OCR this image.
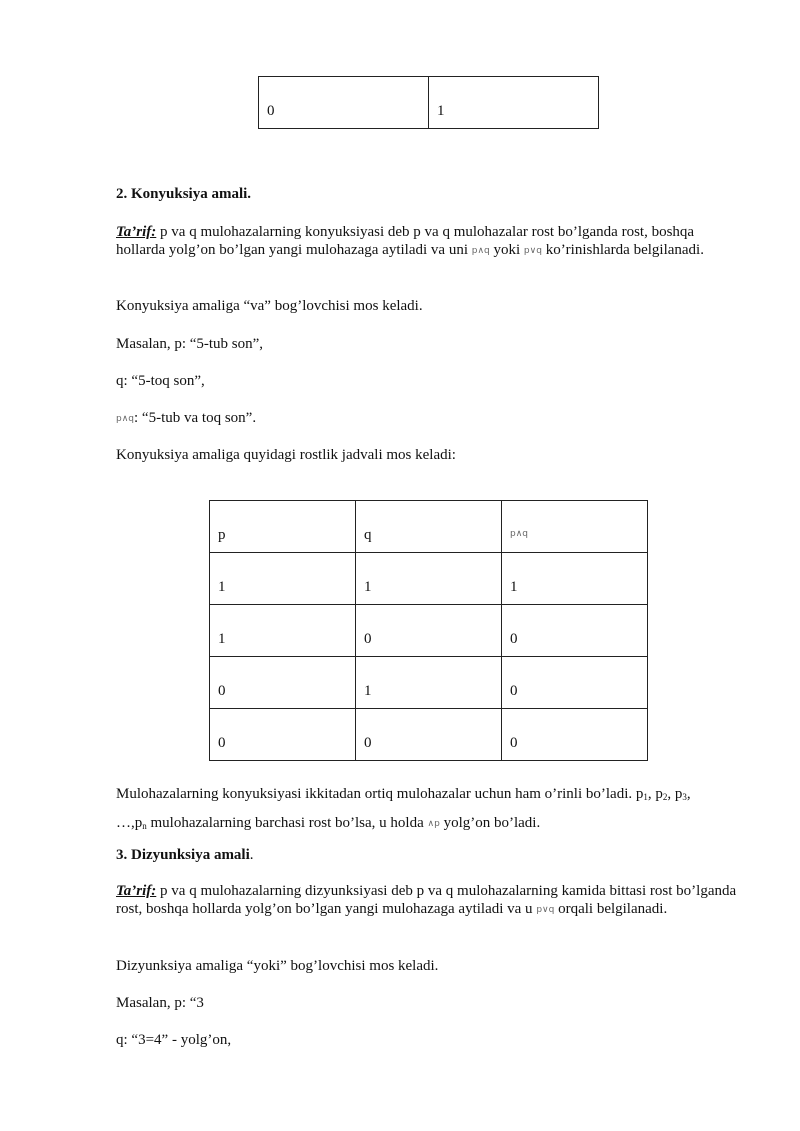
0	1
2. Konyuksiya amali.
Ta’rif: p va q mulohazalarning konyuksiyasi deb p va q mulohazalar rost bo’lganda rost, boshqa hollarda yolg’on bo’lgan yangi mulohazaga aytiladi va uni p∧q yoki p∨q ko’rinishlarda belgilanadi.
Konyuksiya amaliga “va” bog’lovchisi mos keladi.
Masalan, p: “5-tub son”,
q: “5-toq son”,
p∧q: “5-tub va toq son”.
Konyuksiya amaliga quyidagi rostlik jadvali mos keladi:
p	q	p∧q
1	1	1
1	0	0
0	1	0
0	0	0
Mulohazalarning konyuksiyasi ikkitadan ortiq mulohazalar uchun ham o’rinli bo’ladi. $p_1$, $p_2$, $p_3$,
$\dots,p_n$ mulohazalarning barchasi rost bo’lsa, u holda ∧p yolg’on bo’ladi.
3. Dizyunksiya amali.
Ta’rif: p va q mulohazalarning dizyunksiyasi deb p va q mulohazalarning kamida bittasi rost bo’lganda rost, boshqa hollarda yolg’on bo’lgan yangi mulohazaga aytiladi va u p∨q orqali belgilanadi.
Dizyunksiya amaliga “yoki” bog’lovchisi mos keladi.
Masalan, p: “3
q: “3=4” - yolg’on,
